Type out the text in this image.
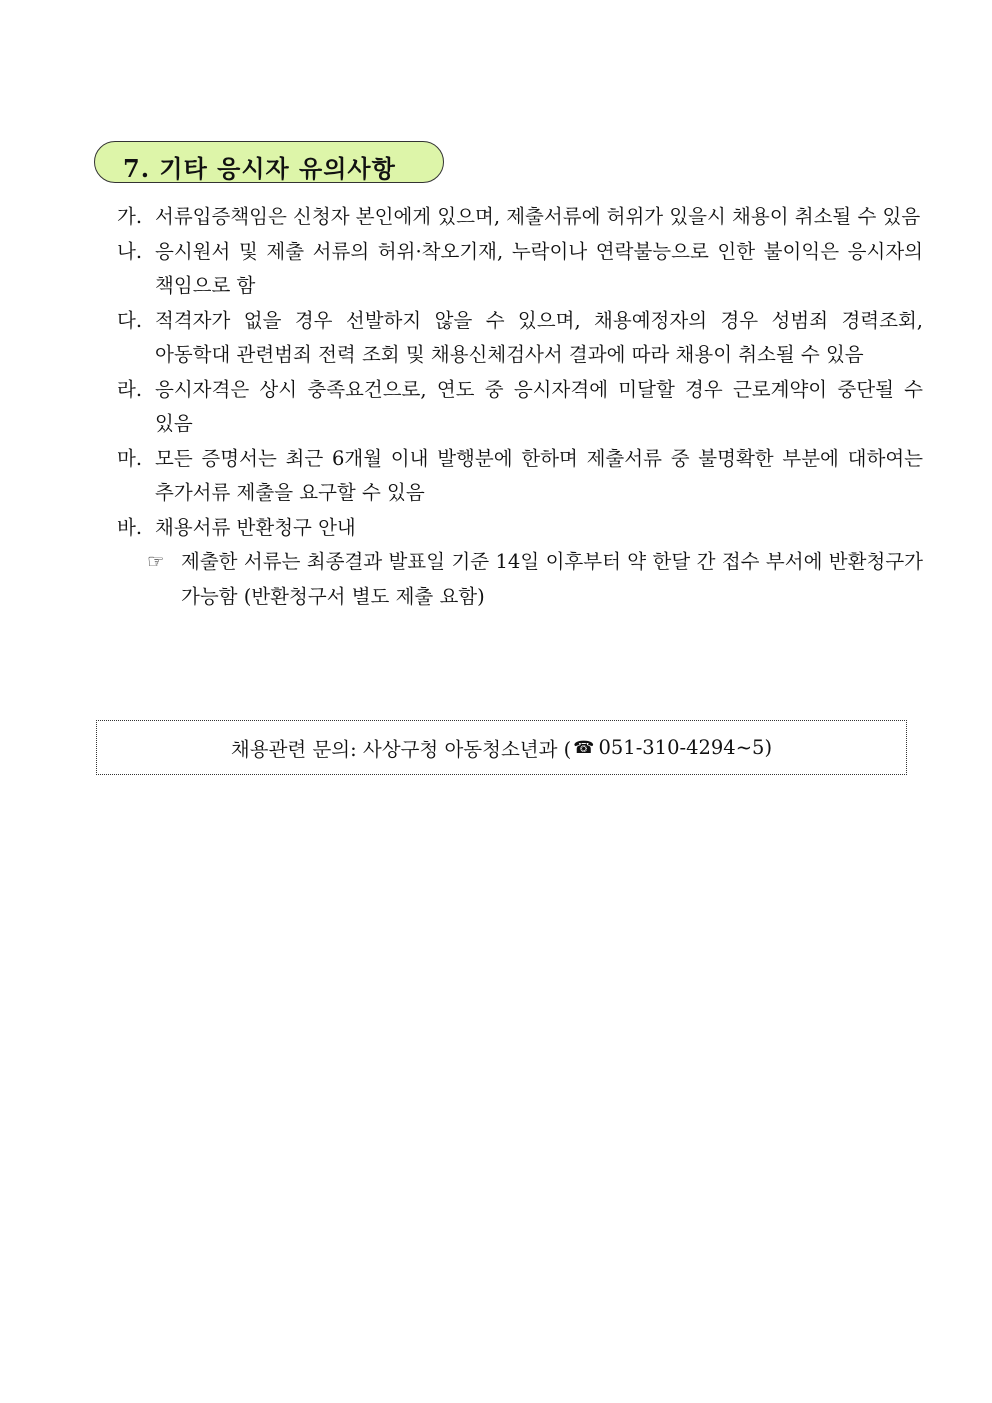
7. 기타 응시자 유의사항
가. 서류입증책임은 신청자 본인에게 있으며, 제출서류에 허위가 있을시 채용이 취소될 수 있음
나. 응시원서 및 제출 서류의 허위·착오기재, 누락이나 연락불능으로 인한 불이익은 응시자의 책임으로 함
다. 적격자가 없을 경우 선발하지 않을 수 있으며, 채용예정자의 경우 성범죄 경력조회, 아동학대 관련범죄 전력 조회 및 채용신체검사서 결과에 따라 채용이 취소될 수 있음
라. 응시자격은 상시 충족요건으로, 연도 중 응시자격에 미달할 경우 근로계약이 중단될 수 있음
마. 모든 증명서는 최근 6개월 이내 발행분에 한하며 제출서류 중 불명확한 부분에 대하여는 추가서류 제출을 요구할 수 있음
바. 채용서류 반환청구 안내
☞ 제출한 서류는 최종결과 발표일 기준 14일 이후부터 약 한달 간 접수 부서에 반환청구가 가능함 (반환청구서 별도 제출 요함)
채용관련 문의: 사상구청 아동청소년과 ( ☎ 051-310-4294~5)
